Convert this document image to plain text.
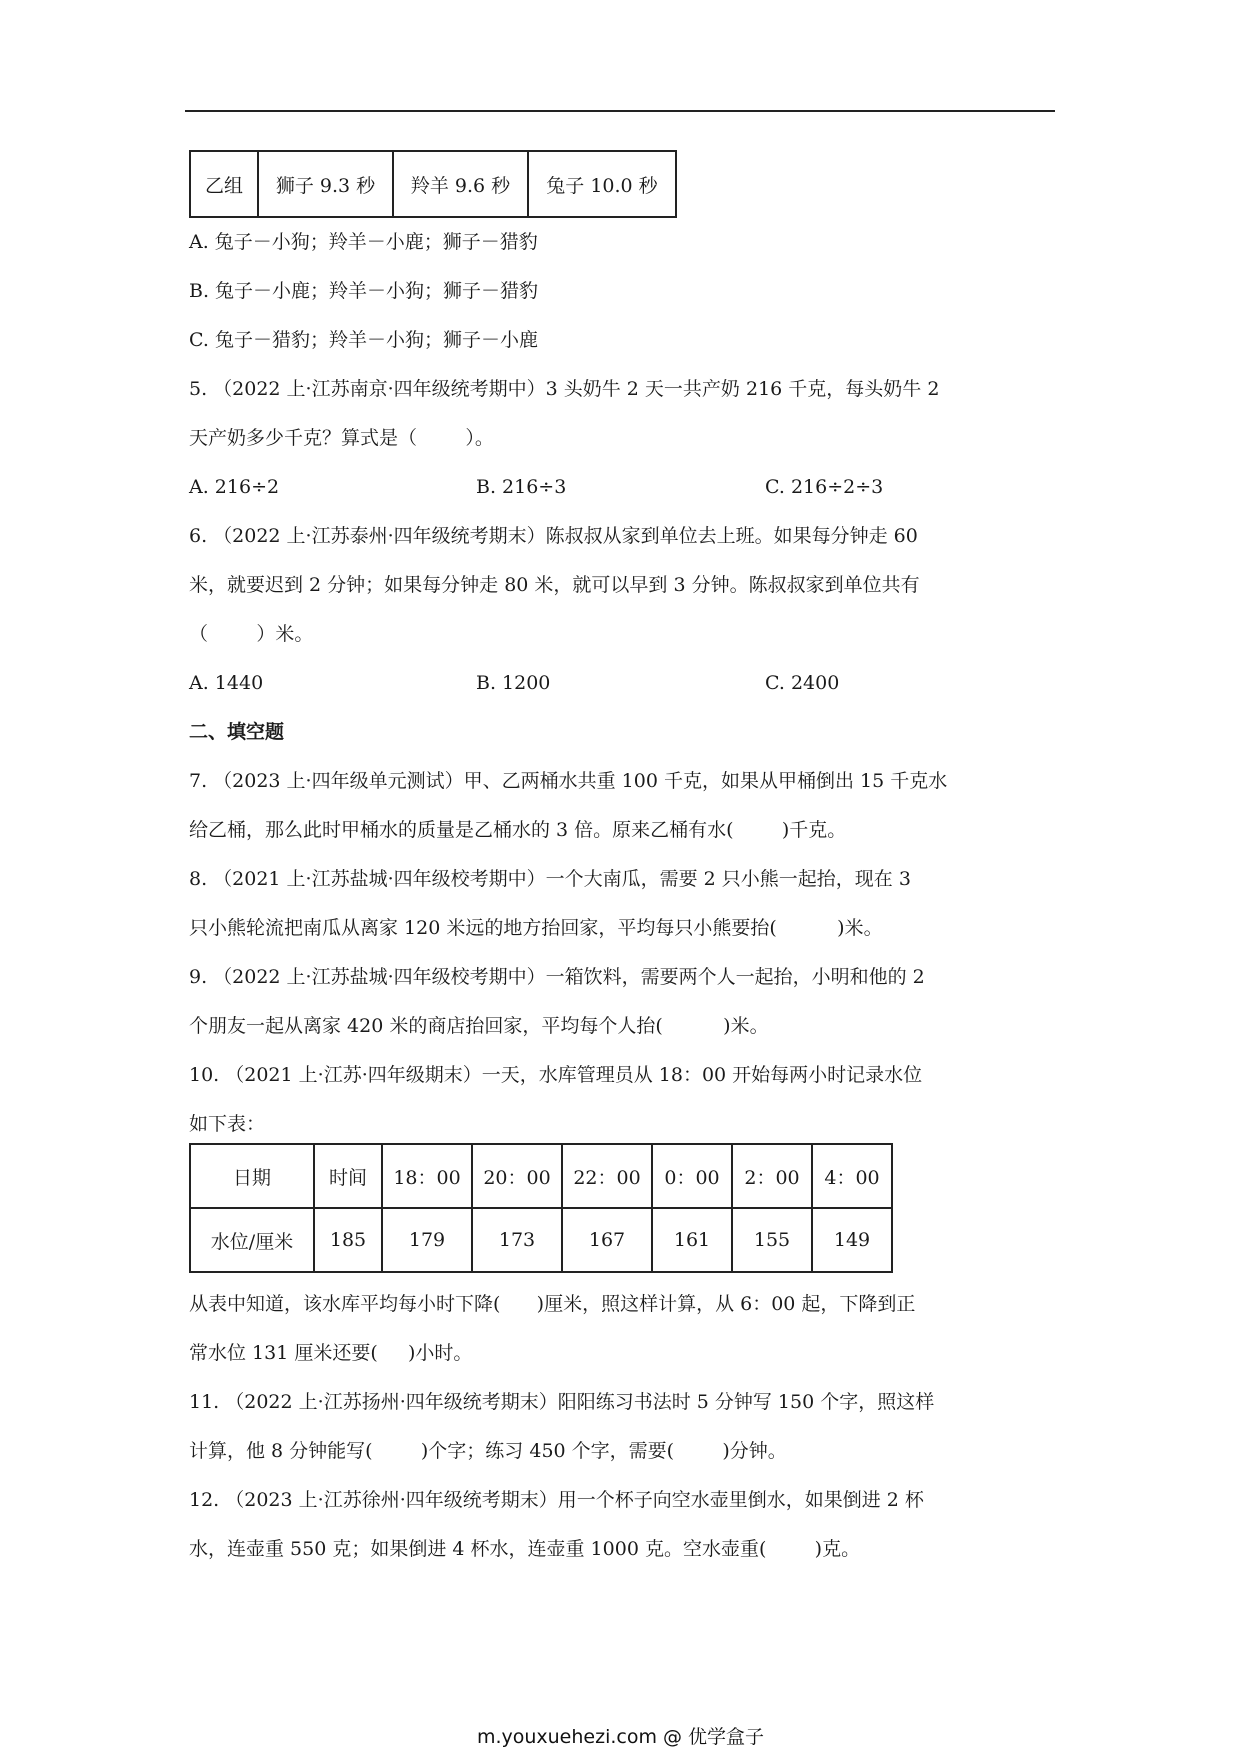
乙组	狮子 9.3 秒	羚羊 9.6 秒	兔子 10.0 秒
A. 兔子－小狗；羚羊－小鹿；狮子－猎豹
B. 兔子－小鹿；羚羊－小狗；狮子－猎豹
C. 兔子－猎豹；羚羊－小狗；狮子－小鹿
5. （2022 上·江苏南京·四年级统考期中）3 头奶牛 2 天一共产奶 216 千克，每头奶牛 2
天产奶多少千克？算式是（        ）。
A. 216÷2	B. 216÷3	C. 216÷2÷3
6. （2022 上·江苏泰州·四年级统考期末）陈叔叔从家到单位去上班。如果每分钟走 60
米，就要迟到 2 分钟；如果每分钟走 80 米，就可以早到 3 分钟。陈叔叔家到单位共有
（        ）米。
A. 1440	B. 1200	C. 2400
二、填空题
7. （2023 上·四年级单元测试）甲、乙两桶水共重 100 千克，如果从甲桶倒出 15 千克水
给乙桶，那么此时甲桶水的质量是乙桶水的 3 倍。原来乙桶有水(        )千克。
8. （2021 上·江苏盐城·四年级校考期中）一个大南瓜，需要 2 只小熊一起抬，现在 3
只小熊轮流把南瓜从离家 120 米远的地方抬回家，平均每只小熊要抬(          )米。
9. （2022 上·江苏盐城·四年级校考期中）一箱饮料，需要两个人一起抬，小明和他的 2
个朋友一起从离家 420 米的商店抬回家，平均每个人抬(          )米。
10. （2021 上·江苏·四年级期末）一天，水库管理员从 18：00 开始每两小时记录水位
如下表：
日期	时间	18：00	20：00	22：00	0：00	2：00	4：00
水位/厘米	185	179	173	167	161	155	149
从表中知道，该水库平均每小时下降(      )厘米，照这样计算，从 6：00 起，下降到正
常水位 131 厘米还要(     )小时。
11. （2022 上·江苏扬州·四年级统考期末）阳阳练习书法时 5 分钟写 150 个字，照这样
计算，他 8 分钟能写(        )个字；练习 450 个字，需要(        )分钟。
12. （2023 上·江苏徐州·四年级统考期末）用一个杯子向空水壶里倒水，如果倒进 2 杯
水，连壶重 550 克；如果倒进 4 杯水，连壶重 1000 克。空水壶重(        )克。
m.youxuehezi.com @ 优学盒子
